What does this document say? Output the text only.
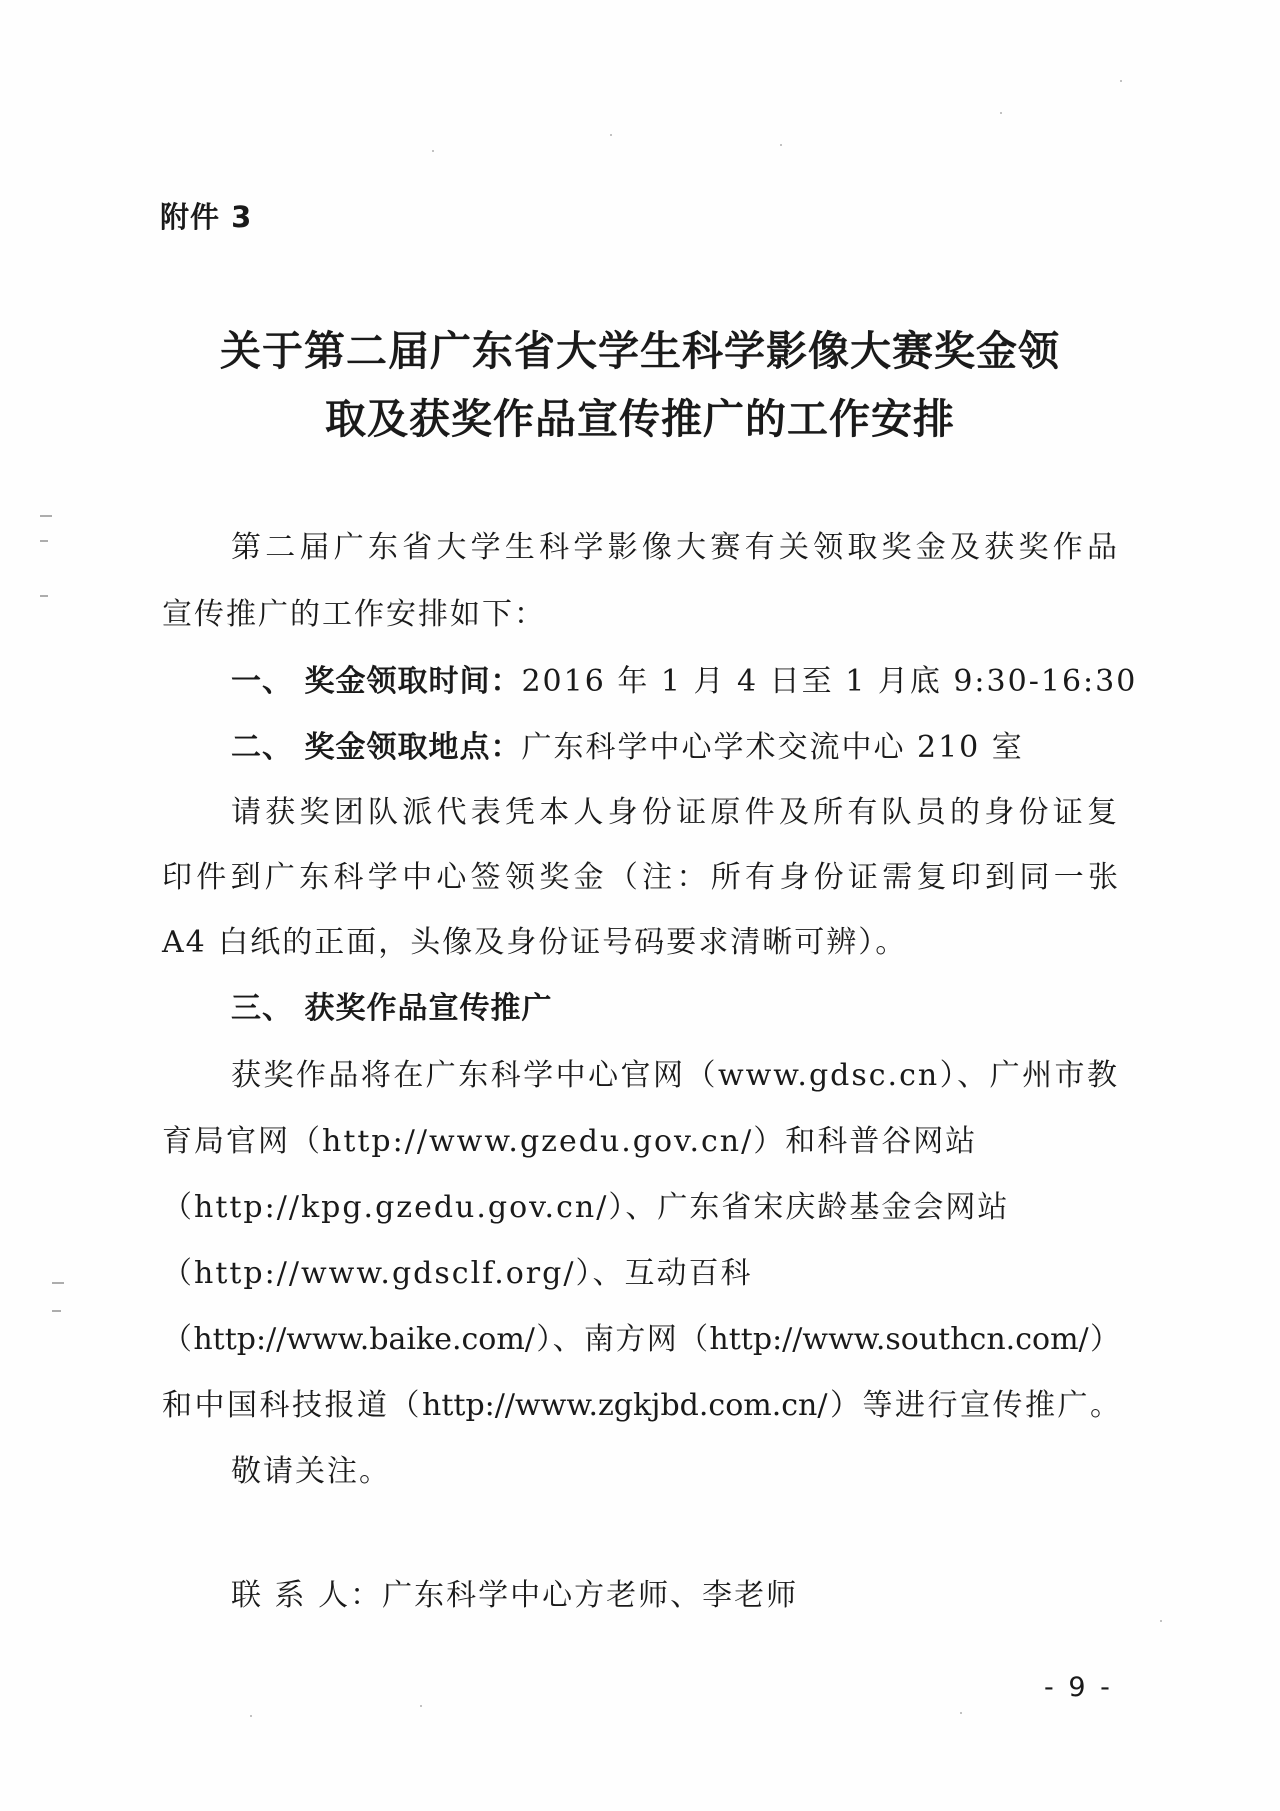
附件 3
关于第二届广东省大学生科学影像大赛奖金领
取及获奖作品宣传推广的工作安排
第二届广东省大学生科学影像大赛有关领取奖金及获奖作品
宣传推广的工作安排如下：
一、 奖金领取时间：2016 年 1 月 4 日至 1 月底 9:30-16:30
二、 奖金领取地点：广东科学中心学术交流中心 210 室
请获奖团队派代表凭本人身份证原件及所有队员的身份证复
印件到广东科学中心签领奖金（注：所有身份证需复印到同一张
A4 白纸的正面，头像及身份证号码要求清晰可辨）。
三、 获奖作品宣传推广
获奖作品将在广东科学中心官网（www.gdsc.cn）、广州市教
育局官网（http://www.gzedu.gov.cn/）和科普谷网站
（http://kpg.gzedu.gov.cn/）、广东省宋庆龄基金会网站
（http://www.gdsclf.org/）、互动百科
（http://www.baike.com/）、南方网（http://www.southcn.com/）
和中国科技报道（http://www.zgkjbd.com.cn/）等进行宣传推广。
敬请关注。
联 系 人：广东科学中心方老师、李老师
- 9 -
